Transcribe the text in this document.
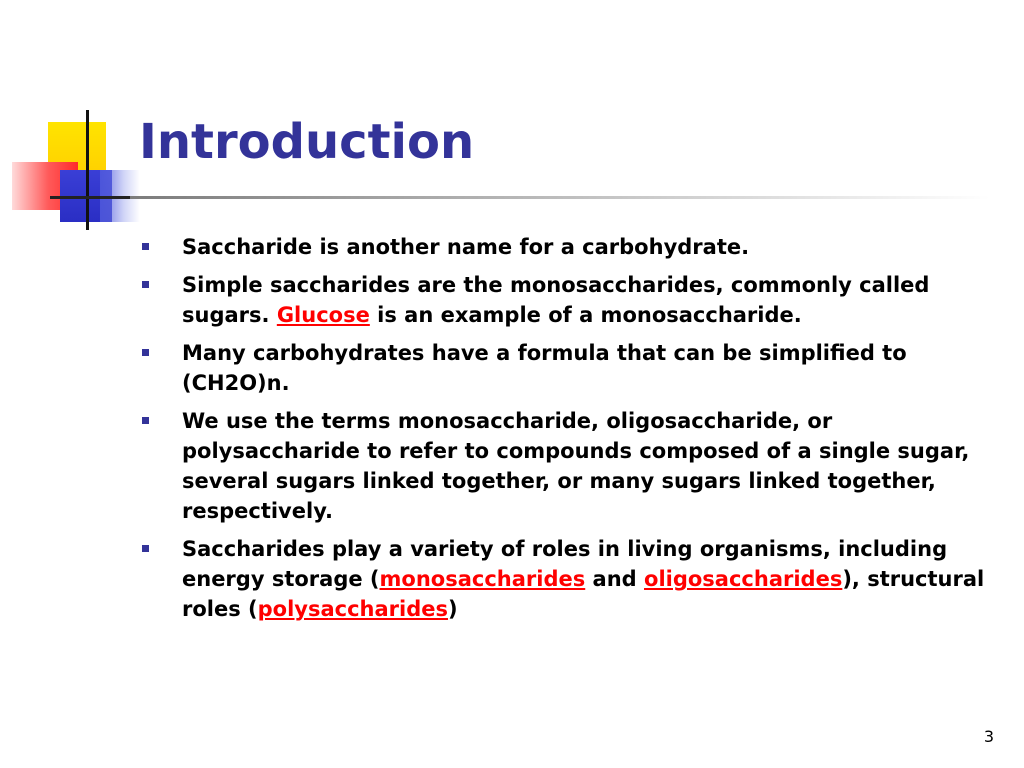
Introduction
Saccharide is another name for a carbohydrate.
Simple saccharides are the monosaccharides, commonly called sugars. Glucose is an example of a monosaccharide.
Many carbohydrates have a formula that can be simplified to (CH2O)n.
We use the terms monosaccharide, oligosaccharide, or polysaccharide to refer to compounds composed of a single sugar, several sugars linked together, or many sugars linked together, respectively.
Saccharides play a variety of roles in living organisms, including energy storage (monosaccharides and oligosaccharides), structural roles (polysaccharides)
3
